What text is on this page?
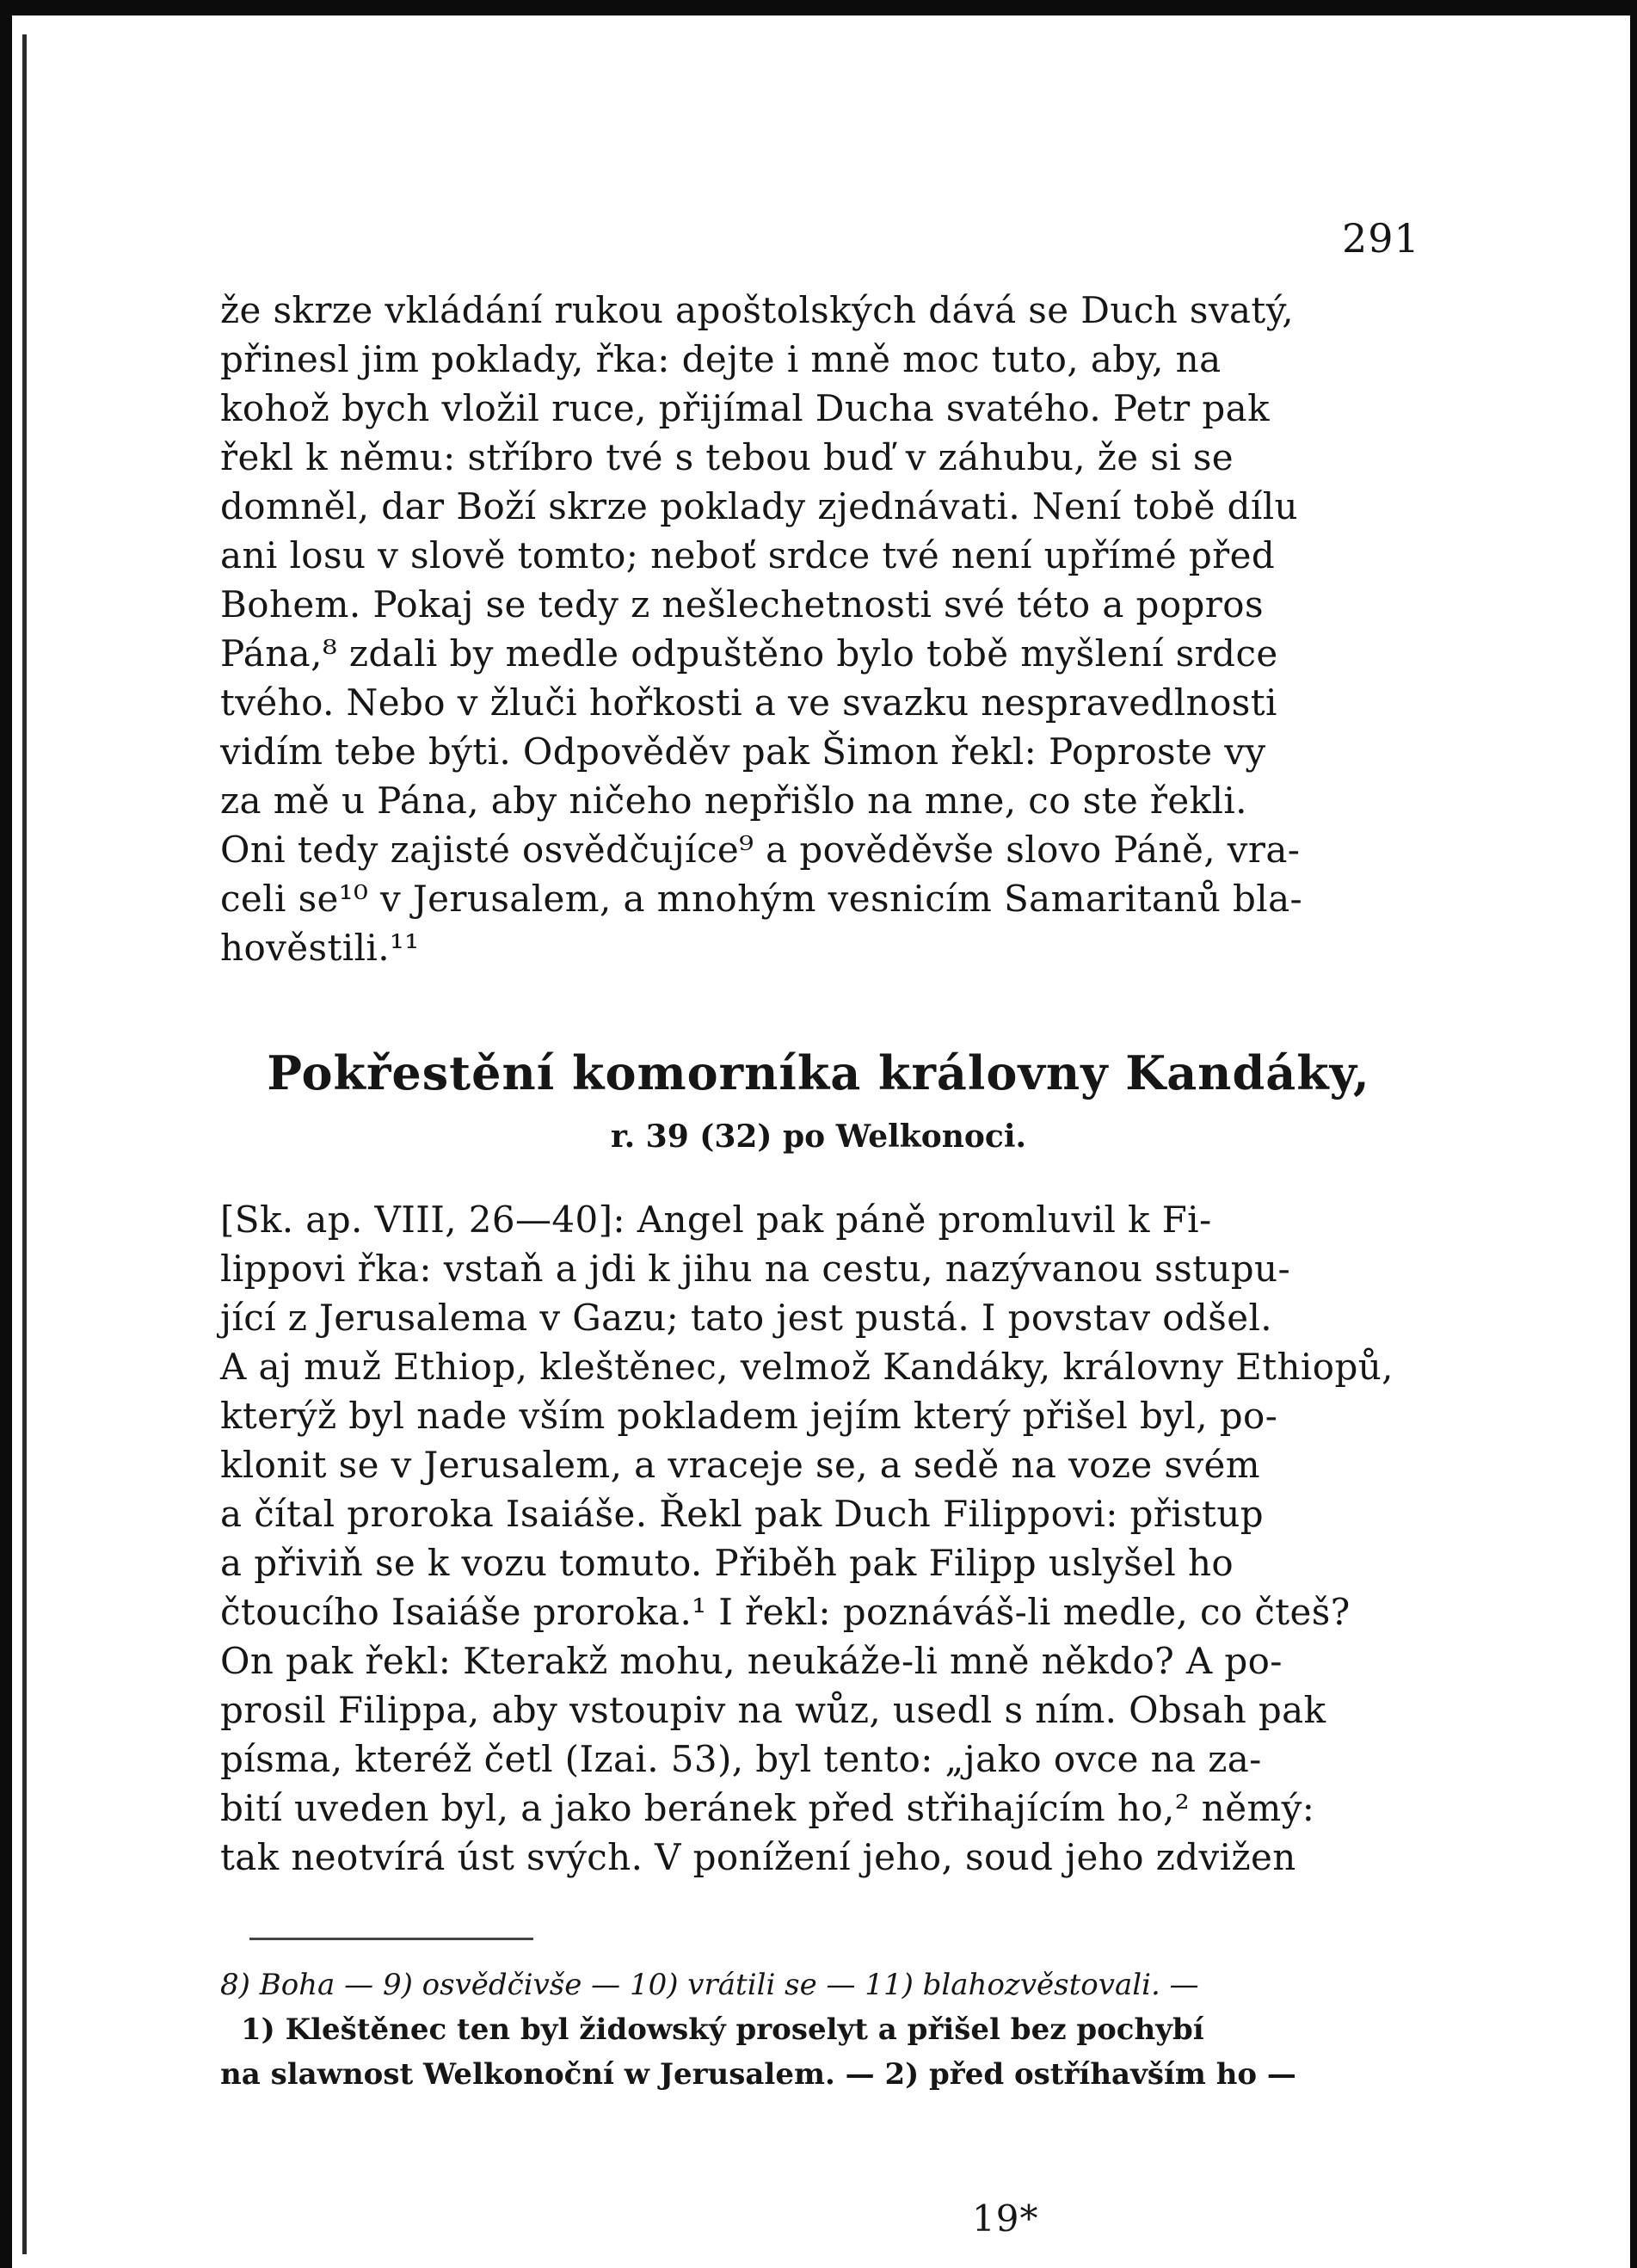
291
že skrze vkládání rukou apoštolských dává se Duch svatý,
přinesl jim poklady, řka: dejte i mně moc tuto, aby, na
kohož bych vložil ruce, přijímal Ducha svatého. Petr pak
řekl k němu: stříbro tvé s tebou buď v záhubu, že si se
domněl, dar Boží skrze poklady zjednávati. Není tobě dílu
ani losu v slově tomto; neboť srdce tvé není upřímé před
Bohem. Pokaj se tedy z nešlechetnosti své této a popros
Pána,⁸ zdali by medle odpuštěno bylo tobě myšlení srdce
tvého. Nebo v žluči hořkosti a ve svazku nespravedlnosti
vidím tebe býti. Odpověděv pak Šimon řekl: Poproste vy
za mě u Pána, aby ničeho nepřišlo na mne, co ste řekli.
Oni tedy zajisté osvědčujíce⁹ a pověděvše slovo Páně, vra-
celi se¹⁰ v Jerusalem, a mnohým vesnicím Samaritanů bla-
hověstili.¹¹
Pokřestění komorníka královny Kandáky,
r. 39 (32) po Welkonoci.
[Sk. ap. VIII, 26—40]: Angel pak páně promluvil k Fi-
lippovi řka: vstaň a jdi k jihu na cestu, nazývanou sstupu-
jící z Jerusalema v Gazu; tato jest pustá. I povstav odšel.
A aj muž Ethiop, kleštěnec, velmož Kandáky, královny Ethiopů,
kterýž byl nade vším pokladem jejím který přišel byl, po-
klonit se v Jerusalem, a vraceje se, a sedě na voze svém
a čítal proroka Isaiáše. Řekl pak Duch Filippovi: přistup
a přiviň se k vozu tomuto. Přiběh pak Filipp uslyšel ho
čtoucího Isaiáše proroka.¹ I řekl: poznáváš-li medle, co čteš?
On pak řekl: Kterakž mohu, neukáže-li mně někdo? A po-
prosil Filippa, aby vstoupiv na wůz, usedl s ním. Obsah pak
písma, kteréž četl (Izai. 53), byl tento: „jako ovce na za-
bití uveden byl, a jako beránek před střihajícím ho,² němý:
tak neotvírá úst svých. V ponížení jeho, soud jeho zdvižen
8) Boha — 9) osvědčivše — 10) vrátili se — 11) blahozvěstovali. —
1) Kleštěnec ten byl židowský proselyt a přišel bez pochybí
na slawnost Welkonoční w Jerusalem. — 2) před ostříhavším ho —
19*
